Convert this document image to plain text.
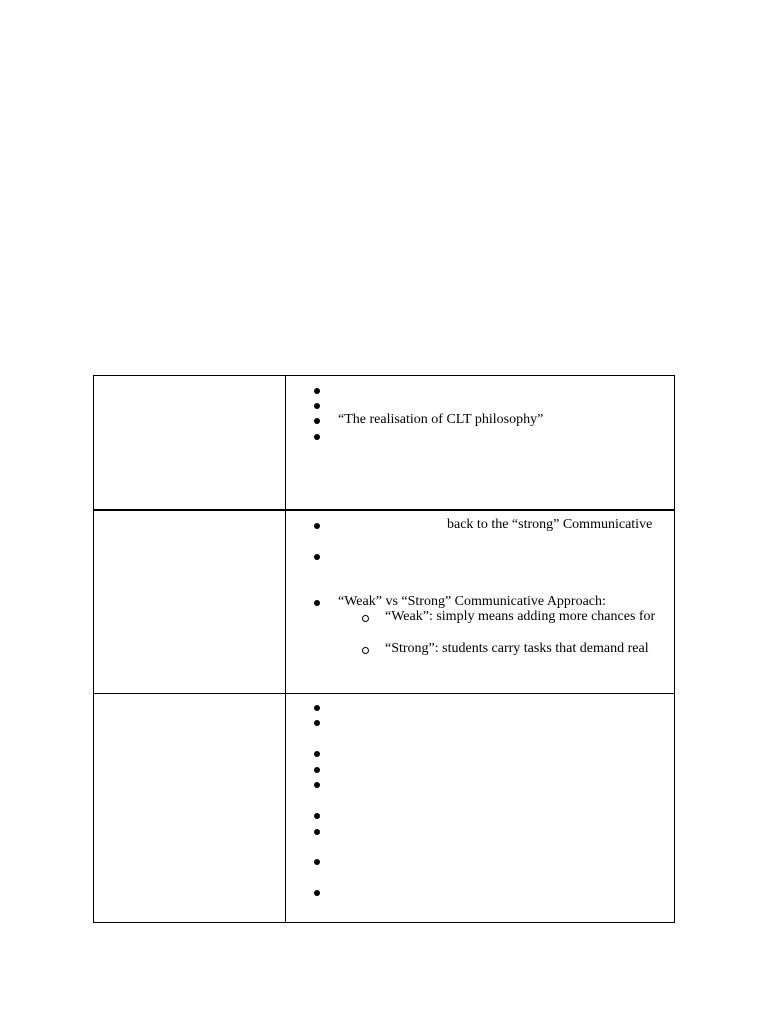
“The realisation of CLT philosophy”
back to the “strong” Communicative
“Weak” vs “Strong” Communicative Approach:
“Weak”: simply means adding more chances for
“Strong”: students carry tasks that demand real
